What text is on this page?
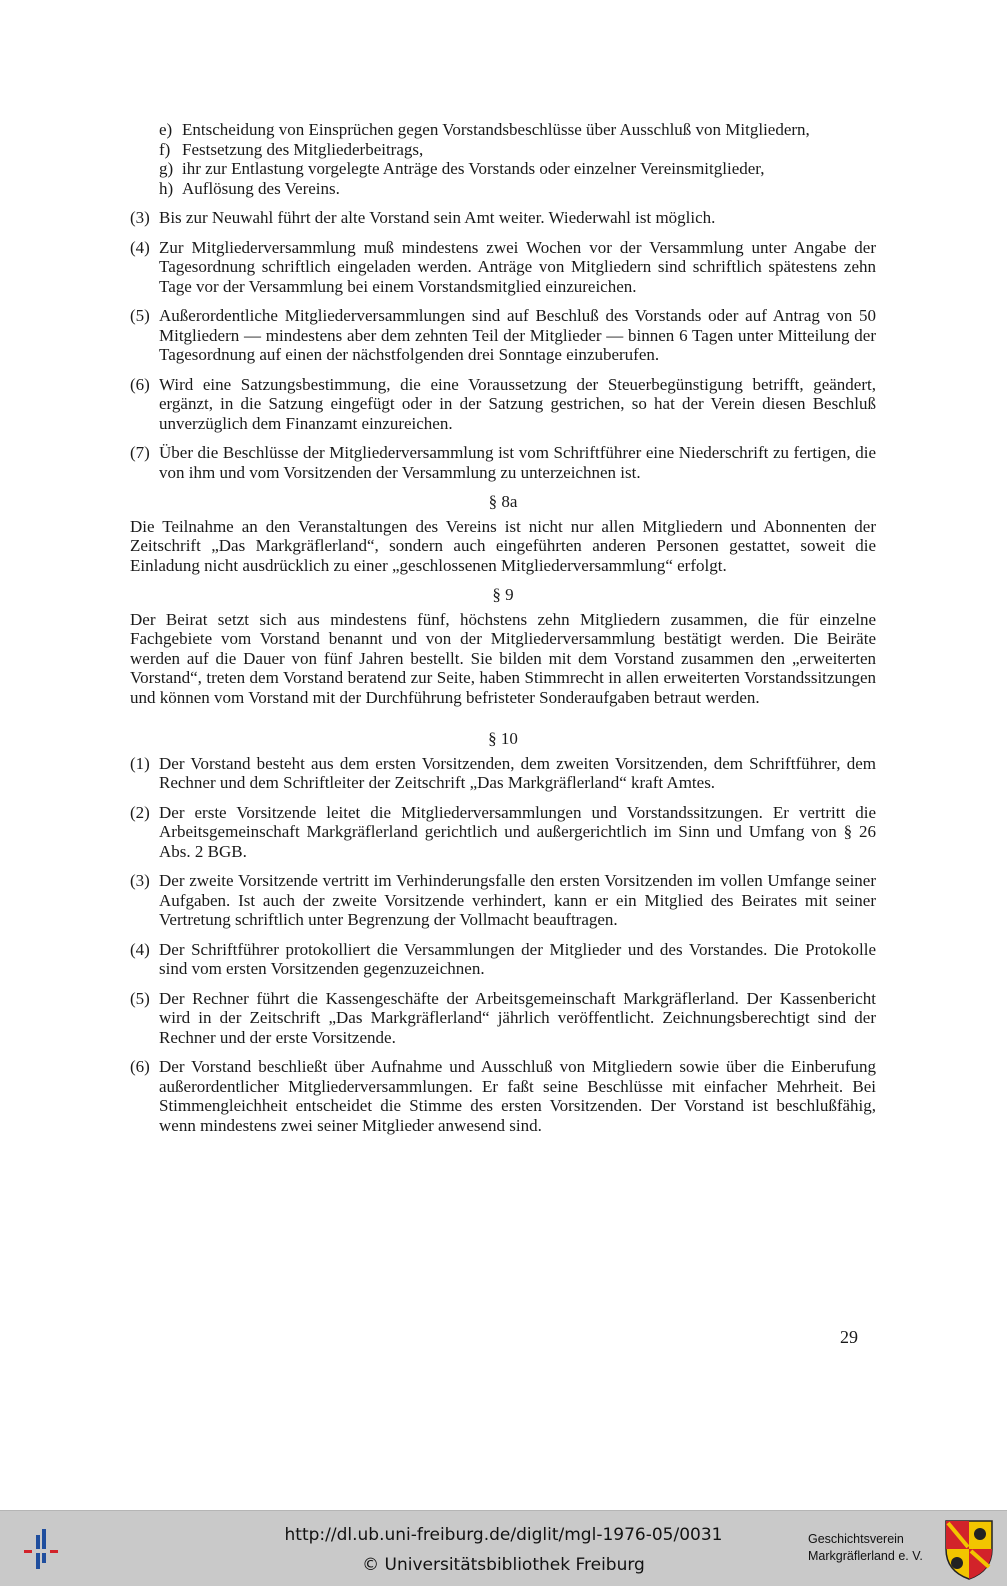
e) Entscheidung von Einsprüchen gegen Vorstandsbeschlüsse über Ausschluß von Mitgliedern,
f) Festsetzung des Mitgliederbeitrags,
g) ihr zur Entlastung vorgelegte Anträge des Vorstands oder einzelner Vereinsmitglieder,
h) Auflösung des Vereins.
(3) Bis zur Neuwahl führt der alte Vorstand sein Amt weiter. Wiederwahl ist möglich.
(4) Zur Mitgliederversammlung muß mindestens zwei Wochen vor der Versammlung unter Angabe der Tagesordnung schriftlich eingeladen werden. Anträge von Mitgliedern sind schriftlich spätestens zehn Tage vor der Versammlung bei einem Vorstandsmitglied einzureichen.
(5) Außerordentliche Mitgliederversammlungen sind auf Beschluß des Vorstands oder auf Antrag von 50 Mitgliedern — mindestens aber dem zehnten Teil der Mitglieder — binnen 6 Tagen unter Mitteilung der Tagesordnung auf einen der nächstfolgenden drei Sonntage einzuberufen.
(6) Wird eine Satzungsbestimmung, die eine Voraussetzung der Steuerbegünstigung betrifft, geändert, ergänzt, in die Satzung eingefügt oder in der Satzung gestrichen, so hat der Verein diesen Beschluß unverzüglich dem Finanzamt einzureichen.
(7) Über die Beschlüsse der Mitgliederversammlung ist vom Schriftführer eine Niederschrift zu fertigen, die von ihm und vom Vorsitzenden der Versammlung zu unterzeichnen ist.
§ 8a

Die Teilnahme an den Veranstaltungen des Vereins ist nicht nur allen Mitgliedern und Abonnenten der Zeitschrift „Das Markgräflerland“, sondern auch eingeführten anderen Personen gestattet, soweit die Einladung nicht ausdrücklich zu einer „geschlossenen Mitgliederversammlung“ erfolgt.

§ 9

Der Beirat setzt sich aus mindestens fünf, höchstens zehn Mitgliedern zusammen, die für einzelne Fachgebiete vom Vorstand benannt und von der Mitgliederversammlung bestätigt werden. Die Beiräte werden auf die Dauer von fünf Jahren bestellt. Sie bilden mit dem Vorstand zusammen den „erweiterten Vorstand“, treten dem Vorstand beratend zur Seite, haben Stimmrecht in allen erweiterten Vorstandssitzungen und können vom Vorstand mit der Durchführung befristeter Sonderaufgaben betraut werden.

§ 10
(1) Der Vorstand besteht aus dem ersten Vorsitzenden, dem zweiten Vorsitzenden, dem Schriftführer, dem Rechner und dem Schriftleiter der Zeitschrift „Das Markgräflerland“ kraft Amtes.
(2) Der erste Vorsitzende leitet die Mitgliederversammlungen und Vorstandssitzungen. Er vertritt die Arbeitsgemeinschaft Markgräflerland gerichtlich und außergerichtlich im Sinn und Umfang von § 26 Abs. 2 BGB.
(3) Der zweite Vorsitzende vertritt im Verhinderungsfalle den ersten Vorsitzenden im vollen Umfange seiner Aufgaben. Ist auch der zweite Vorsitzende verhindert, kann er ein Mitglied des Beirates mit seiner Vertretung schriftlich unter Begrenzung der Vollmacht beauftragen.
(4) Der Schriftführer protokolliert die Versammlungen der Mitglieder und des Vorstandes. Die Protokolle sind vom ersten Vorsitzenden gegenzuzeichnen.
(5) Der Rechner führt die Kassengeschäfte der Arbeitsgemeinschaft Markgräflerland. Der Kassenbericht wird in der Zeitschrift „Das Markgräflerland“ jährlich veröffentlicht. Zeichnungsberechtigt sind der Rechner und der erste Vorsitzende.
(6) Der Vorstand beschließt über Aufnahme und Ausschluß von Mitgliedern sowie über die Einberufung außerordentlicher Mitgliederversammlungen. Er faßt seine Beschlüsse mit einfacher Mehrheit. Bei Stimmengleichheit entscheidet die Stimme des ersten Vorsitzenden. Der Vorstand ist beschlußfähig, wenn mindestens zwei seiner Mitglieder anwesend sind.
29
http://dl.ub.uni-freiburg.de/diglit/mgl-1976-05/0031
© Universitätsbibliothek Freiburg
Geschichtsverein
Markgräflerland e. V.
